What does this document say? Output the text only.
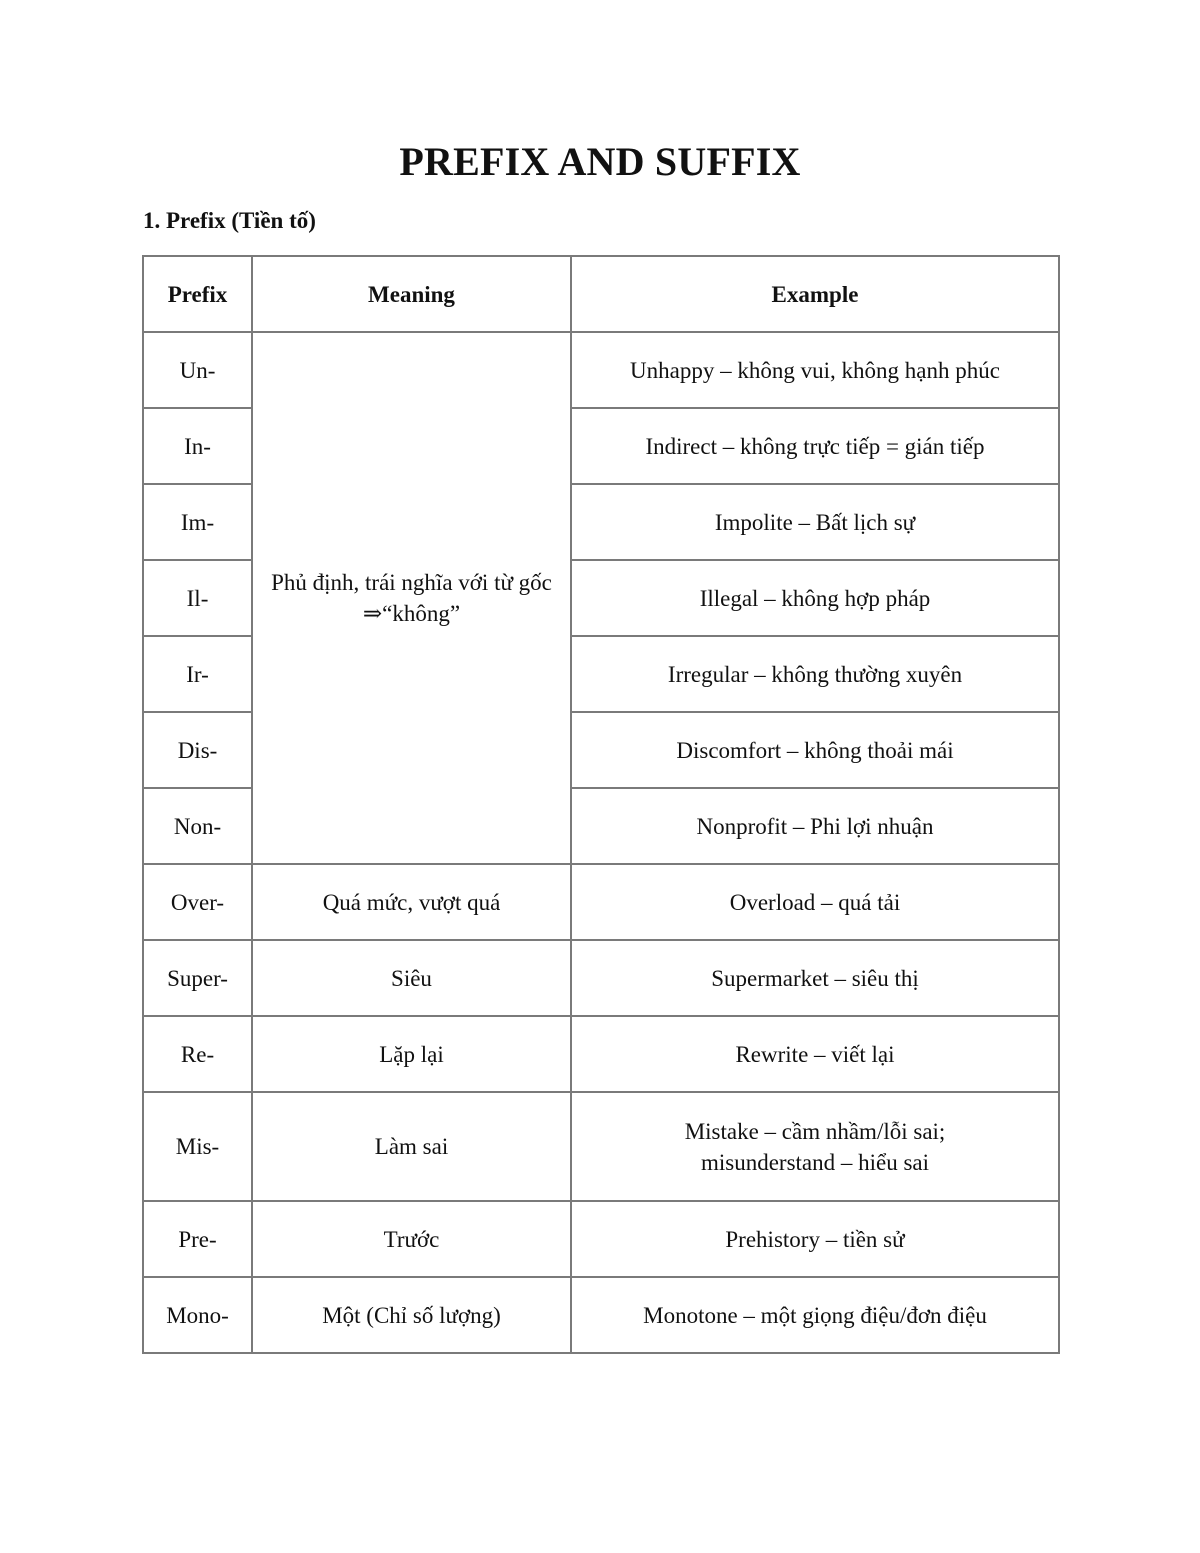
PREFIX AND SUFFIX
1. Prefix (Tiền tố)
Prefix	Meaning	Example
Un-	Phủ định, trái nghĩa với từ gốc ⇒“không”	Unhappy – không vui, không hạnh phúc
In-		Indirect – không trực tiếp = gián tiếp
Im-		Impolite – Bất lịch sự
Il-		Illegal – không hợp pháp
Ir-		Irregular – không thường xuyên
Dis-		Discomfort – không thoải mái
Non-		Nonprofit – Phi lợi nhuận
Over-	Quá mức, vượt quá	Overload – quá tải
Super-	Siêu	Supermarket – siêu thị
Re-	Lặp lại	Rewrite – viết lại
Mis-	Làm sai	Mistake – cầm nhầm/lỗi sai;
misunderstand – hiểu sai

Pre-	Trước	Prehistory – tiền sử
Mono-	Một (Chỉ số lượng)	Monotone – một giọng điệu/đơn điệu
